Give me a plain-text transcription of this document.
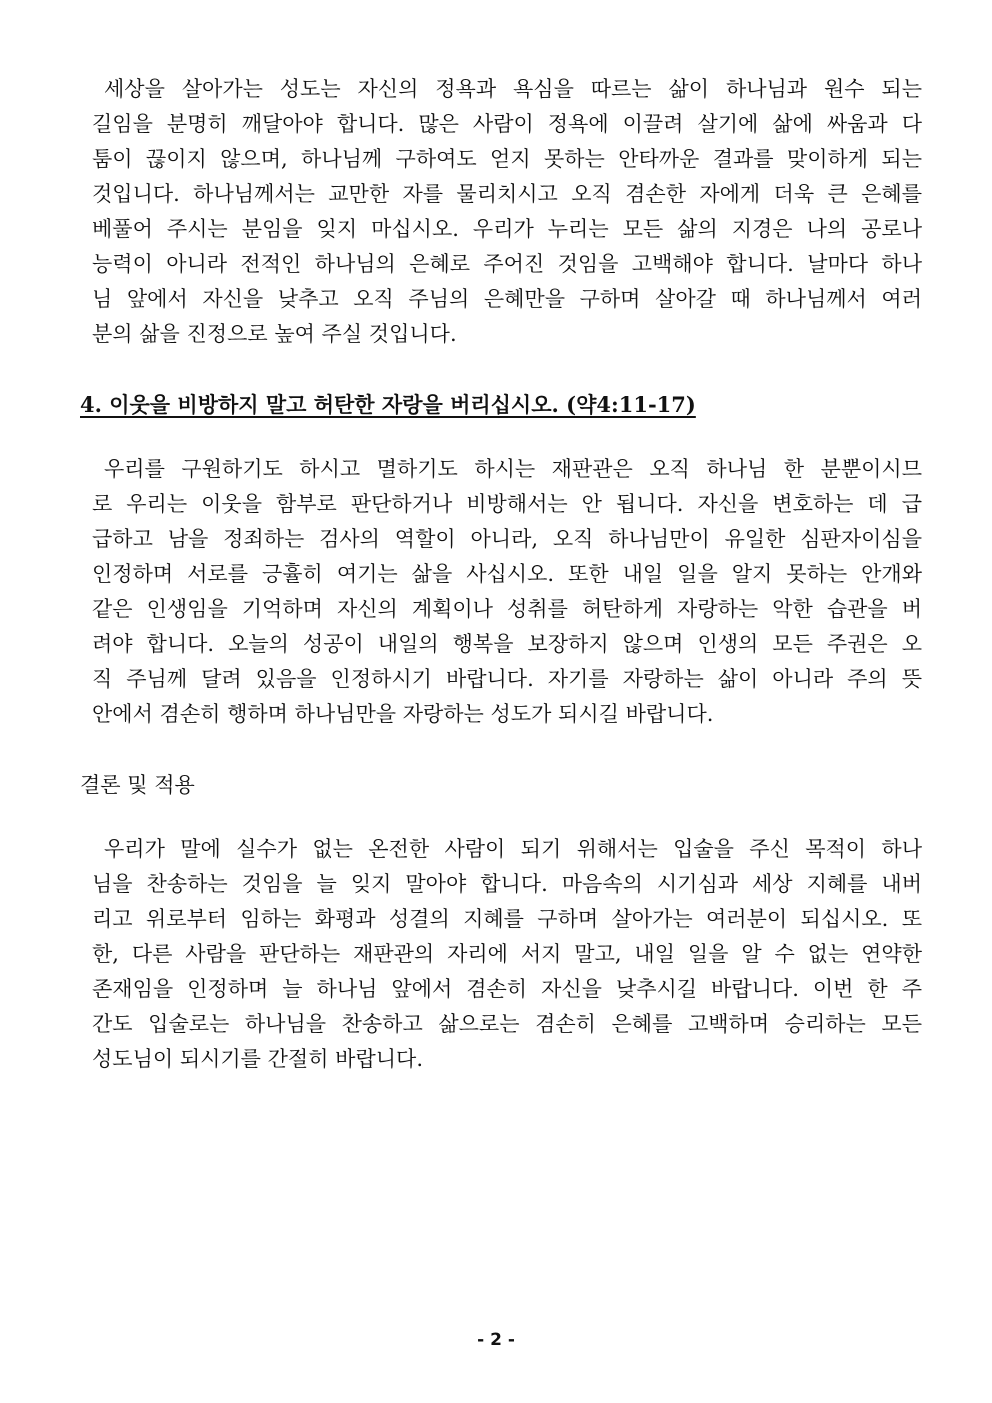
세상을 살아가는 성도는 자신의 정욕과 욕심을 따르는 삶이 하나님과 원수 되는
길임을 분명히 깨달아야 합니다. 많은 사람이 정욕에 이끌려 살기에 삶에 싸움과 다
툼이 끊이지 않으며, 하나님께 구하여도 얻지 못하는 안타까운 결과를 맞이하게 되는
것입니다. 하나님께서는 교만한 자를 물리치시고 오직 겸손한 자에게 더욱 큰 은혜를
베풀어 주시는 분임을 잊지 마십시오. 우리가 누리는 모든 삶의 지경은 나의 공로나
능력이 아니라 전적인 하나님의 은혜로 주어진 것임을 고백해야 합니다. 날마다 하나
님 앞에서 자신을 낮추고 오직 주님의 은혜만을 구하며 살아갈 때 하나님께서 여러
분의 삶을 진정으로 높여 주실 것입니다.
4. 이웃을 비방하지 말고 허탄한 자랑을 버리십시오. (약4:11-17)
우리를 구원하기도 하시고 멸하기도 하시는 재판관은 오직 하나님 한 분뿐이시므
로 우리는 이웃을 함부로 판단하거나 비방해서는 안 됩니다. 자신을 변호하는 데 급
급하고 남을 정죄하는 검사의 역할이 아니라, 오직 하나님만이 유일한 심판자이심을
인정하며 서로를 긍휼히 여기는 삶을 사십시오. 또한 내일 일을 알지 못하는 안개와
같은 인생임을 기억하며 자신의 계획이나 성취를 허탄하게 자랑하는 악한 습관을 버
려야 합니다. 오늘의 성공이 내일의 행복을 보장하지 않으며 인생의 모든 주권은 오
직 주님께 달려 있음을 인정하시기 바랍니다. 자기를 자랑하는 삶이 아니라 주의 뜻
안에서 겸손히 행하며 하나님만을 자랑하는 성도가 되시길 바랍니다.

결론 및 적용

우리가 말에 실수가 없는 온전한 사람이 되기 위해서는 입술을 주신 목적이 하나
님을 찬송하는 것임을 늘 잊지 말아야 합니다. 마음속의 시기심과 세상 지혜를 내버
리고 위로부터 임하는 화평과 성결의 지혜를 구하며 살아가는 여러분이 되십시오. 또
한, 다른 사람을 판단하는 재판관의 자리에 서지 말고, 내일 일을 알 수 없는 연약한
존재임을 인정하며 늘 하나님 앞에서 겸손히 자신을 낮추시길 바랍니다. 이번 한 주
간도 입술로는 하나님을 찬송하고 삶으로는 겸손히 은혜를 고백하며 승리하는 모든
성도님이 되시기를 간절히 바랍니다.
- 2 -
